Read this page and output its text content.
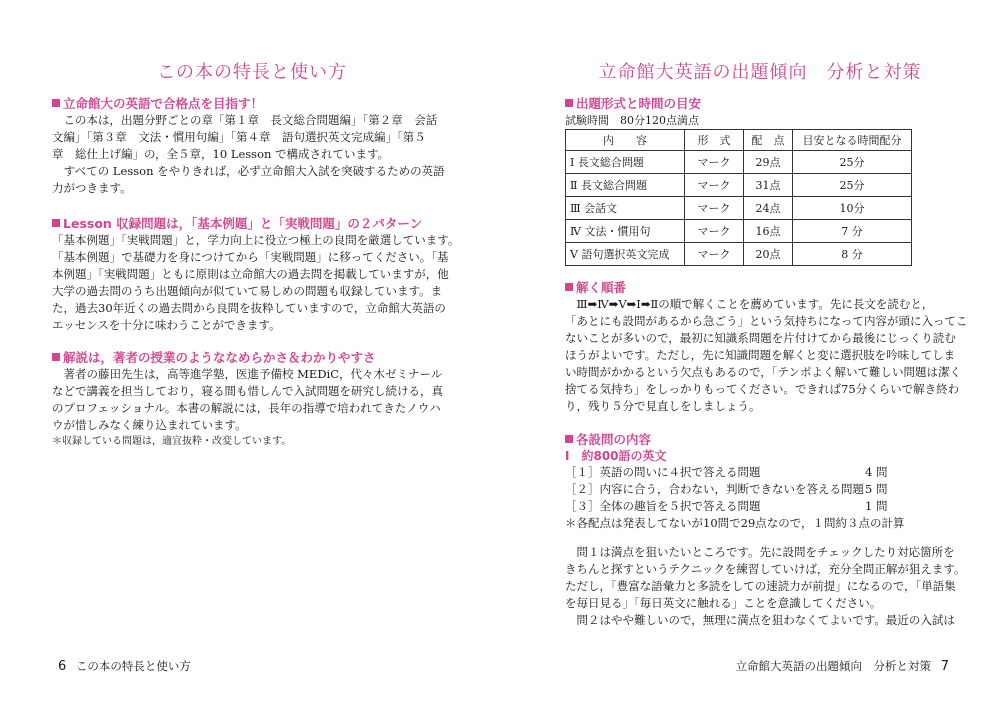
この本の特長と使い方
立命館大の英語で合格点を目指す！
　この本は，出題分野ごとの章「第１章　長文総合問題編」「第２章　会話
文編」「第３章　文法・慣用句編」「第４章　語句選択英文完成編」「第５
章　総仕上げ編」の，全５章，10 Lesson で構成されています。
　すべての Lesson をやりきれば，必ず立命館大入試を突破するための英語
力がつきます。
Lesson 収録問題は，「基本例題」と「実戦問題」の２パターン
「基本例題」「実戦問題」と，学力向上に役立つ極上の良問を厳選しています。
「基本例題」で基礎力を身につけてから「実戦問題」に移ってください。「基
本例題」「実戦問題」ともに原則は立命館大の過去問を掲載していますが，他
大学の過去問のうち出題傾向が似ていて易しめの問題も収録しています。ま
た，過去30年近くの過去問から良問を抜粋していますので，立命館大英語の
エッセンスを十分に味わうことができます。
解説は，著者の授業のようななめらかさ＆わかりやすさ
　著者の藤田先生は，高等進学塾，医進予備校 MEDiC，代々木ゼミナール
などで講義を担当しており，寝る間も惜しんで入試問題を研究し続ける，真
のプロフェッショナル。本書の解説には，長年の指導で培われてきたノウハ
ウが惜しみなく練り込まれています。
＊収録している問題は，適宜抜粋・改変しています。
6 この本の特長と使い方
立命館大英語の出題傾向　分析と対策
出題形式と時間の目安
試験時間　80分120点満点
内　　容	形　式	配　点	目安となる時間配分
Ⅰ 長文総合問題	マーク	29点	25分
Ⅱ 長文総合問題	マーク	31点	25分
Ⅲ 会話文	マーク	24点	10分
Ⅳ 文法・慣用句	マーク	16点	7 分
Ⅴ 語句選択英文完成	マーク	20点	8 分
解く順番
　Ⅲ➡Ⅳ➡Ⅴ➡Ⅰ➡Ⅱの順で解くことを薦めています。先に長文を読むと，
「あとにも設問があるから急ごう」という気持ちになって内容が頭に入ってこ
ないことが多いので，最初に知識系問題を片付けてから最後にじっくり読む
ほうがよいです。ただし，先に知識問題を解くと変に選択肢を吟味してしま
い時間がかかるという欠点もあるので，「テンポよく解いて難しい問題は潔く
捨てる気持ち」をしっかりもってください。できれば75分くらいで解き終わ
り，残り５分で見直しをしましょう。
各設問の内容
Ⅰ　約800語の英文
［１］英語の問いに４択で答える問題	4 問
［２］内容に合う，合わない，判断できないを答える問題 5 問
［３］全体の趣旨を５択で答える問題	1 問
＊各配点は発表してないが10問で29点なので，１問約３点の計算
　問１は満点を狙いたいところです。先に設問をチェックしたり対応箇所を
きちんと探すというテクニックを練習していけば，充分全問正解が狙えます。
ただし，「豊富な語彙力と多読をしての速読力が前提」になるので，「単語集
を毎日見る」「毎日英文に触れる」ことを意識してください。
　問２はやや難しいので，無理に満点を狙わなくてよいです。最近の入試は
立命館大英語の出題傾向　分析と対策 7
